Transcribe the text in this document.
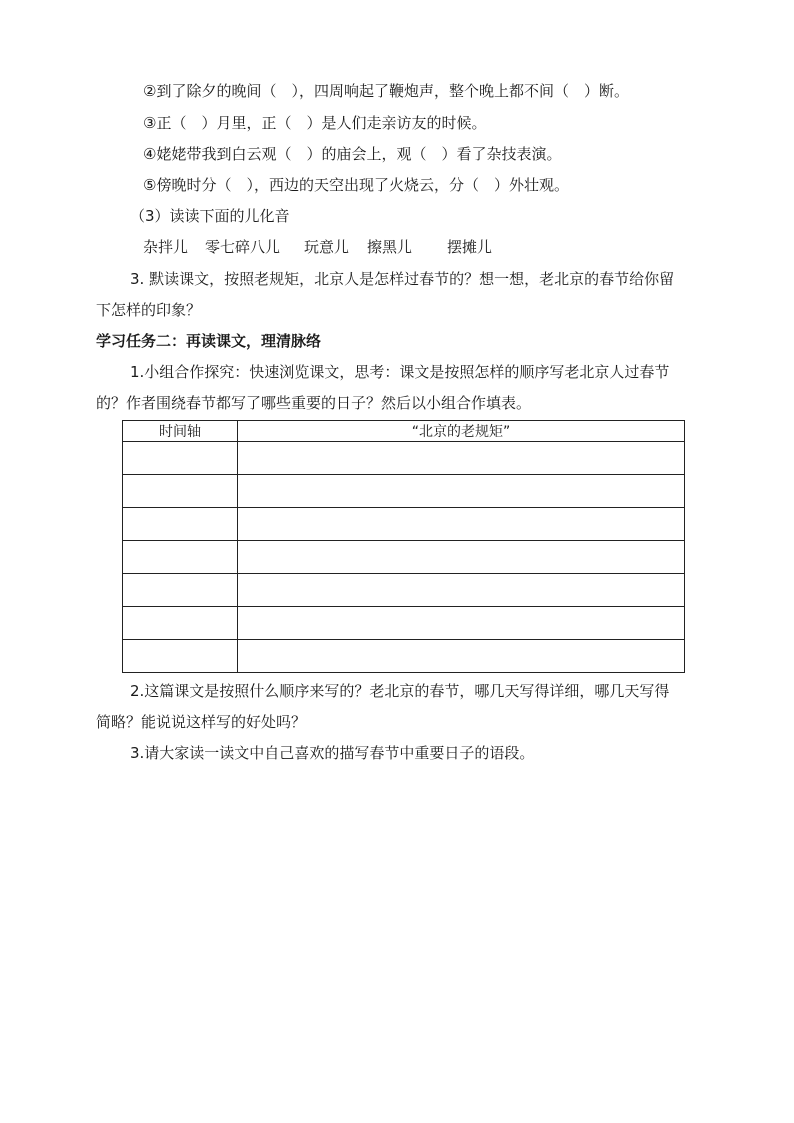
②到了除夕的晚间（　），四周响起了鞭炮声，整个晚上都不间（　）断。
③正（　）月里，正（　）是人们走亲访友的时候。
④姥姥带我到白云观（　）的庙会上，观（　）看了杂技表演。
⑤傍晚时分（　），西边的天空出现了火烧云，分（　）外壮观。
（3）读读下面的儿化音
杂拌儿 零七碎八儿 玩意儿 擦黑儿 摆摊儿
3. 默读课文，按照老规矩，北京人是怎样过春节的？想一想，老北京的春节给你留
下怎样的印象？
学习任务二：再读课文，理清脉络
1.小组合作探究：快速浏览课文，思考：课文是按照怎样的顺序写老北京人过春节
的？作者围绕春节都写了哪些重要的日子？然后以小组合作填表。
时间轴	“北京的老规矩”

2.这篇课文是按照什么顺序来写的？老北京的春节，哪几天写得详细，哪几天写得
简略？能说说这样写的好处吗？
3.请大家读一读文中自己喜欢的描写春节中重要日子的语段。
